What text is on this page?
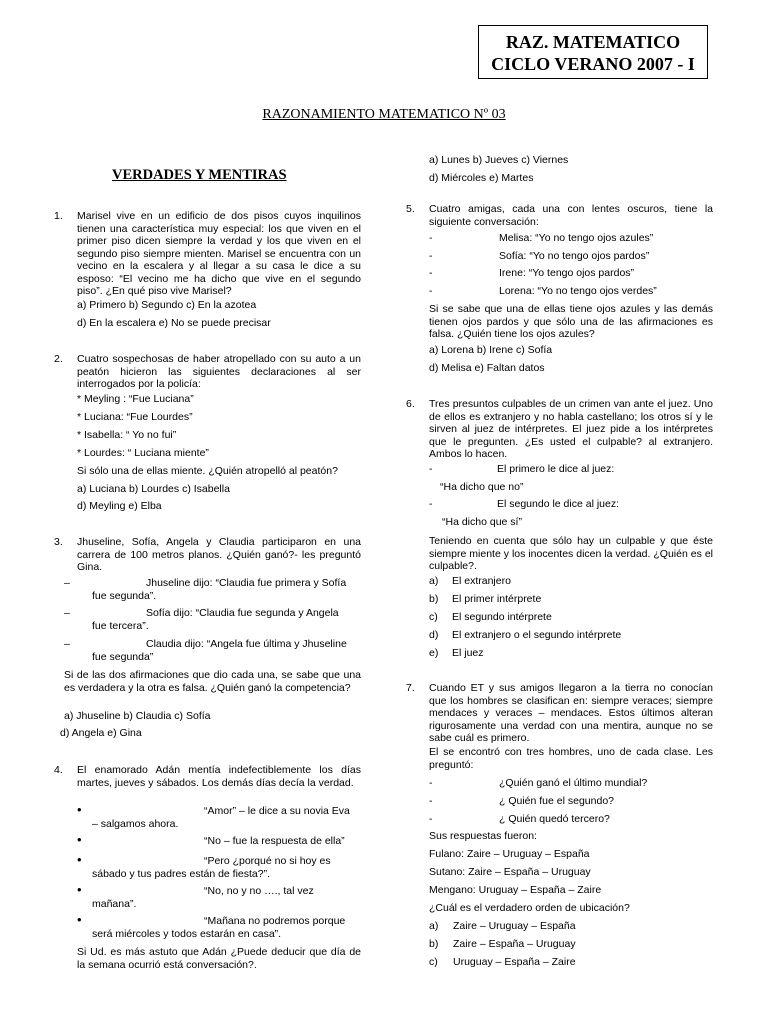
RAZ. MATEMATICO
CICLO VERANO 2007 - I
RAZONAMIENTO MATEMATICO Nº 03
VERDADES Y MENTIRAS
1. Marisel vive en un edificio de dos pisos cuyos inquilinos tienen una característica muy especial: los que viven en el primer piso dicen siempre la verdad y los que viven en el segundo piso siempre mienten. Marisel se encuentra con un vecino en la escalera y al llegar a su casa le dice a su esposo: “El vecino me ha dicho que vive en el segundo piso”. ¿En qué piso vive Marisel?
a) Primero b) Segundo c) En la azotea
d) En la escalera e) No se puede precisar
2. Cuatro sospechosas de haber atropellado con su auto a un peatón hicieron las siguientes declaraciones al ser interrogados por la policía:
* Meyling : “Fue Luciana”
* Luciana: “Fue Lourdes”
* Isabella: “ Yo no fui”
* Lourdes: “ Luciana miente”
Si sólo una de ellas miente. ¿Quién atropelló al peatón?
a) Luciana b) Lourdes c) Isabella
d) Meyling e) Elba
3. Jhuseline, Sofía, Angela y Claudia participaron en una carrera de 100 metros planos. ¿Quién ganó?- les preguntó Gina.
–	Jhuseline dijo: “Claudia fue primera y Sofía
fue segunda”.
–	Sofía dijo: “Claudia fue segunda y Angela
fue tercera”.
–	Claudia dijo: “Angela fue última y Jhuseline
fue segunda”
Si de las dos afirmaciones que dio cada una, se sabe que una es verdadera y la otra es falsa. ¿Quién ganó la competencia?
a) Jhuseline b) Claudia c) Sofía
d) Angela e) Gina
4. El enamorado Adán mentía indefectiblemente los días martes, jueves y sábados. Los demás días decía la verdad.
•	“Amor” – le dice a su novia Eva
– salgamos ahora.
•	“No – fue la respuesta de ella”
•	“Pero ¿porqué no si hoy es
sábado y tus padres están de fiesta?”.
•	“No, no y no …., tal vez
mañana”.
•	“Mañana no podremos porque
será miércoles y todos estarán en casa”.
Si Ud. es más astuto que Adán ¿Puede deducir que día de la semana ocurrió está conversación?.
a) Lunes b) Jueves c) Viernes
d) Miércoles e) Martes
5. Cuatro amigas, cada una con lentes oscuros, tiene la siguiente conversación:
-	Melisa: “Yo no tengo ojos azules”
-	Sofía: “Yo no tengo ojos pardos”
-	Irene: “Yo tengo ojos pardos”
-	Lorena: “Yo no tengo ojos verdes”
Si se sabe que una de ellas tiene ojos azules y las demás tienen ojos pardos y que sólo una de las afirmaciones es falsa. ¿Quién tiene los ojos azules?
a) Lorena b) Irene c) Sofía
d) Melisa e) Faltan datos
6. Tres presuntos culpables de un crimen van ante el juez. Uno de ellos es extranjero y no habla castellano; los otros sí y le sirven al juez de intérpretes. El juez pide a los intérpretes que le pregunten. ¿Es usted el culpable? al extranjero. Ambos lo hacen.
-	El primero le dice al juez:
“Ha dicho que no”
-	El segundo le dice al juez:
“Ha dicho que sí”
Teniendo en cuenta que sólo hay un culpable y que éste siempre miente y los inocentes dicen la verdad. ¿Quién es el culpable?.
a) El extranjero
b) El primer intérprete
c) El segundo intérprete
d) El extranjero o el segundo intérprete
e) El juez
7. Cuando ET y sus amigos llegaron a la tierra no conocían que los hombres se clasifican en: siempre veraces; siempre mendaces y veraces – mendaces. Estos últimos alteran rigurosamente una verdad con una mentira, aunque no se sabe cuál es primero.
El se encontró con tres hombres, uno de cada clase. Les preguntó:
-	¿Quién ganó el último mundial?
-	¿ Quién fue el segundo?
-	¿ Quién quedó tercero?
Sus respuestas fueron:
Fulano: Zaire – Uruguay – España
Sutano: Zaire – España – Uruguay
Mengano: Uruguay – España – Zaire
¿Cuál es el verdadero orden de ubicación?
a) Zaire – Uruguay – España
b) Zaire – España – Uruguay
c) Uruguay – España – Zaire
